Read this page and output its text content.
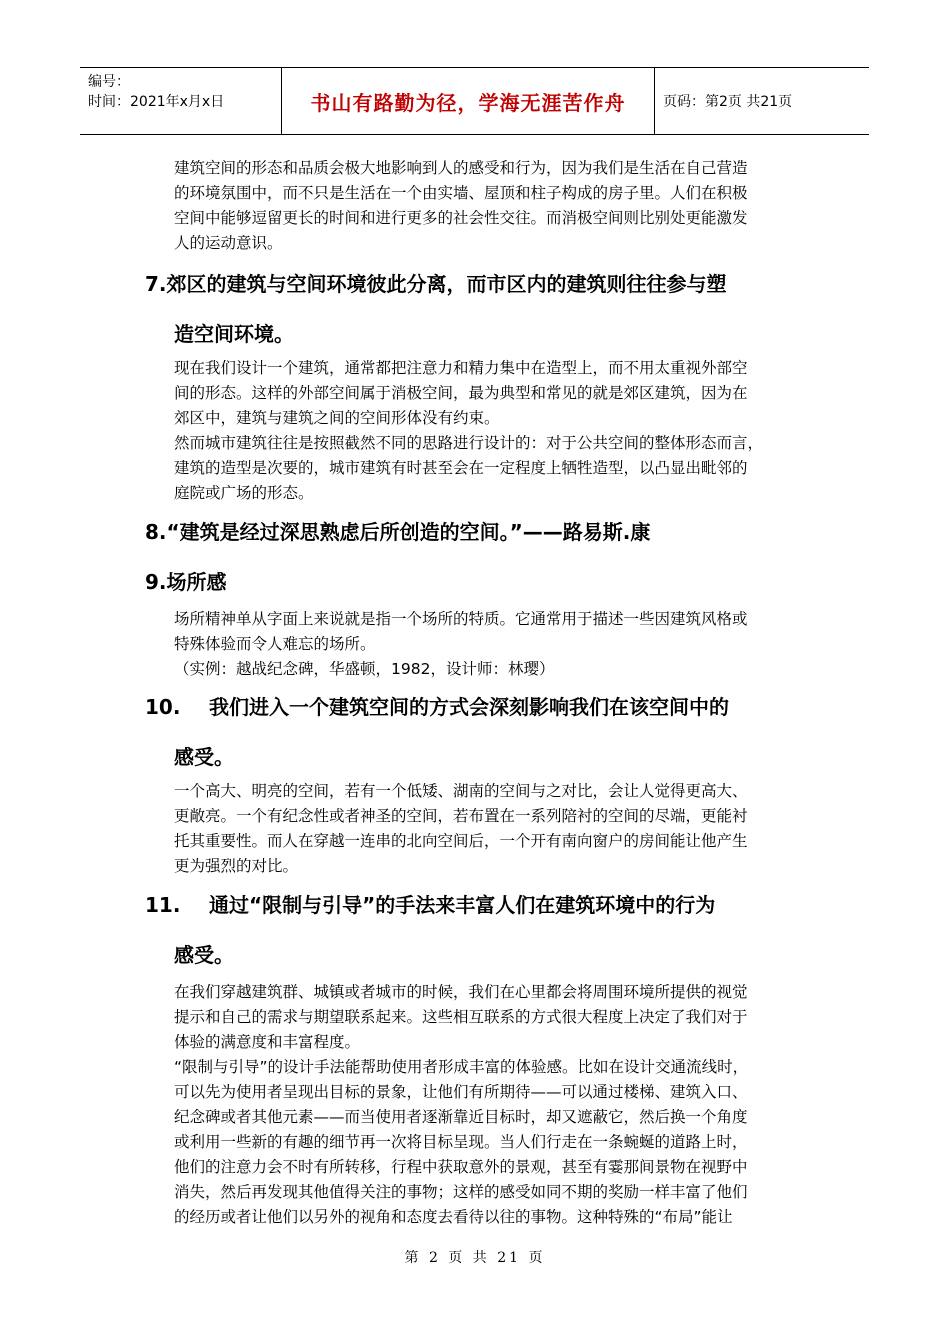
编号：
时间：2021年x月x日	书山有路勤为径，学海无涯苦作舟	页码：第2页 共21页
建筑空间的形态和品质会极大地影响到人的感受和行为，因为我们是生活在自己营造
的环境氛围中，而不只是生活在一个由实墙、屋顶和柱子构成的房子里。人们在积极
空间中能够逗留更长的时间和进行更多的社会性交往。而消极空间则比别处更能激发
人的运动意识。
7.郊区的建筑与空间环境彼此分离，而市区内的建筑则往往参与塑
造空间环境。
现在我们设计一个建筑，通常都把注意力和精力集中在造型上，而不用太重视外部空
间的形态。这样的外部空间属于消极空间，最为典型和常见的就是郊区建筑，因为在
郊区中，建筑与建筑之间的空间形体没有约束。
然而城市建筑往往是按照截然不同的思路进行设计的：对于公共空间的整体形态而言，
建筑的造型是次要的，城市建筑有时甚至会在一定程度上牺牲造型，以凸显出毗邻的
庭院或广场的形态。
8.“建筑是经过深思熟虑后所创造的空间。”——路易斯.康
9.场所感
场所精神单从字面上来说就是指一个场所的特质。它通常用于描述一些因建筑风格或
特殊体验而令人难忘的场所。
（实例：越战纪念碑，华盛顿，1982，设计师：林璎）
10. 我们进入一个建筑空间的方式会深刻影响我们在该空间中的
感受。
一个高大、明亮的空间，若有一个低矮、湖南的空间与之对比，会让人觉得更高大、
更敞亮。一个有纪念性或者神圣的空间，若布置在一系列陪衬的空间的尽端，更能衬
托其重要性。而人在穿越一连串的北向空间后，一个开有南向窗户的房间能让他产生
更为强烈的对比。
11. 通过“限制与引导”的手法来丰富人们在建筑环境中的行为
感受。
在我们穿越建筑群、城镇或者城市的时候，我们在心里都会将周围环境所提供的视觉
提示和自己的需求与期望联系起来。这些相互联系的方式很大程度上决定了我们对于
体验的满意度和丰富程度。
“限制与引导”的设计手法能帮助使用者形成丰富的体验感。比如在设计交通流线时，
可以先为使用者呈现出目标的景象，让他们有所期待——可以通过楼梯、建筑入口、
纪念碑或者其他元素——而当使用者逐渐靠近目标时，却又遮蔽它，然后换一个角度
或利用一些新的有趣的细节再一次将目标呈现。当人们行走在一条蜿蜒的道路上时，
他们的注意力会不时有所转移，行程中获取意外的景观，甚至有霎那间景物在视野中
消失，然后再发现其他值得关注的事物；这样的感受如同不期的奖励一样丰富了他们
的经历或者让他们以另外的视角和态度去看待以往的事物。这种特殊的“布局”能让
第 2 页 共 21 页
